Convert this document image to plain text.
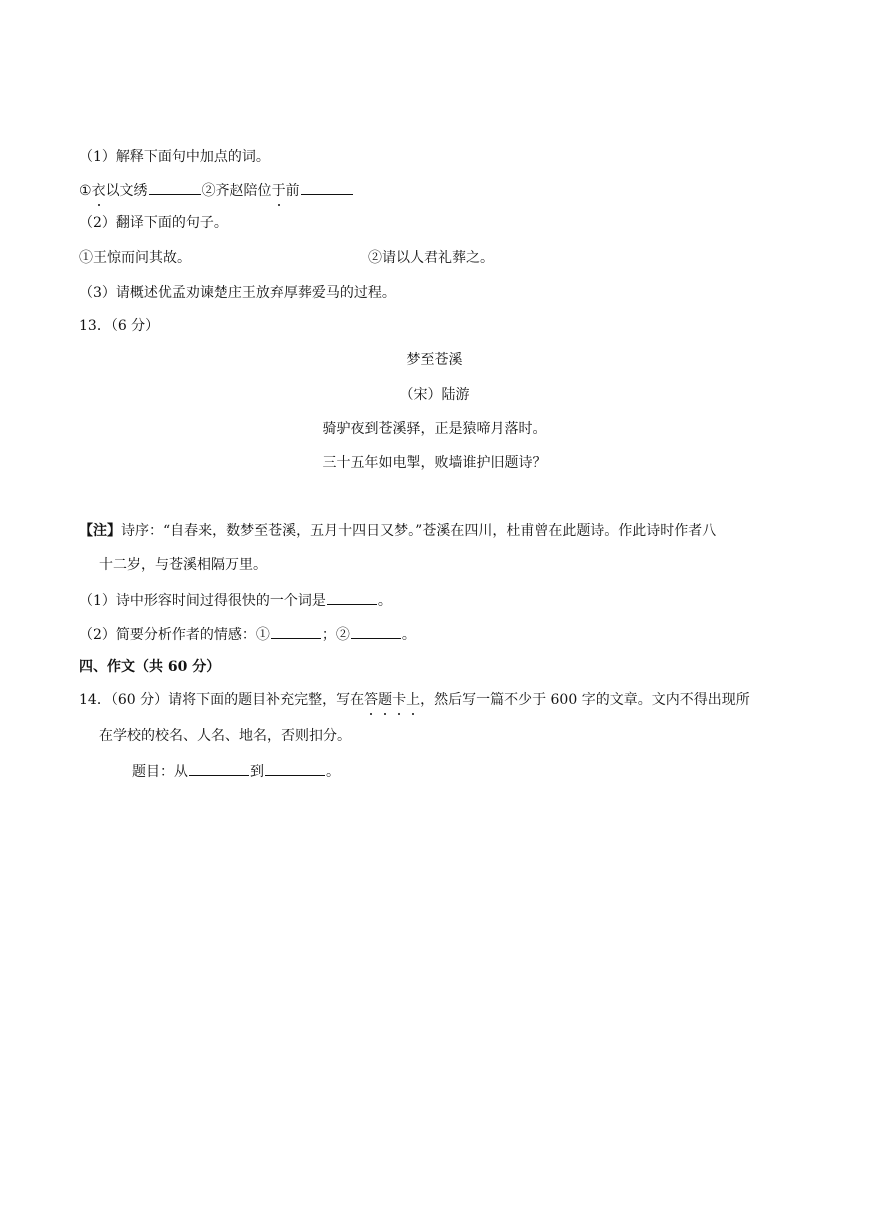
（1）解释下面句中加点的词。
①衣以文绣	②齐赵陪位于前
（2）翻译下面的句子。
①王惊而问其故。	②请以人君礼葬之。
（3）请概述优孟劝谏楚庄王放弃厚葬爱马的过程。
13．（6 分）
梦至苍溪
（宋）陆游
骑驴夜到苍溪驿，正是猿啼月落时。
三十五年如电掣，败墙谁护旧题诗？
【注】诗序：“自春来，数梦至苍溪，五月十四日又梦。”苍溪在四川，杜甫曾在此题诗。作此诗时作者八
十二岁，与苍溪相隔万里。
（1）诗中形容时间过得很快的一个词是	。
（2）简要分析作者的情感：①	；②	。
四、作文（共 60 分）
14．（60 分）请将下面的题目补充完整，写在答题卡上，然后写一篇不少于 600 字的文章。文内不得出现所
在学校的校名、人名、地名，否则扣分。
题目：从	到	。
